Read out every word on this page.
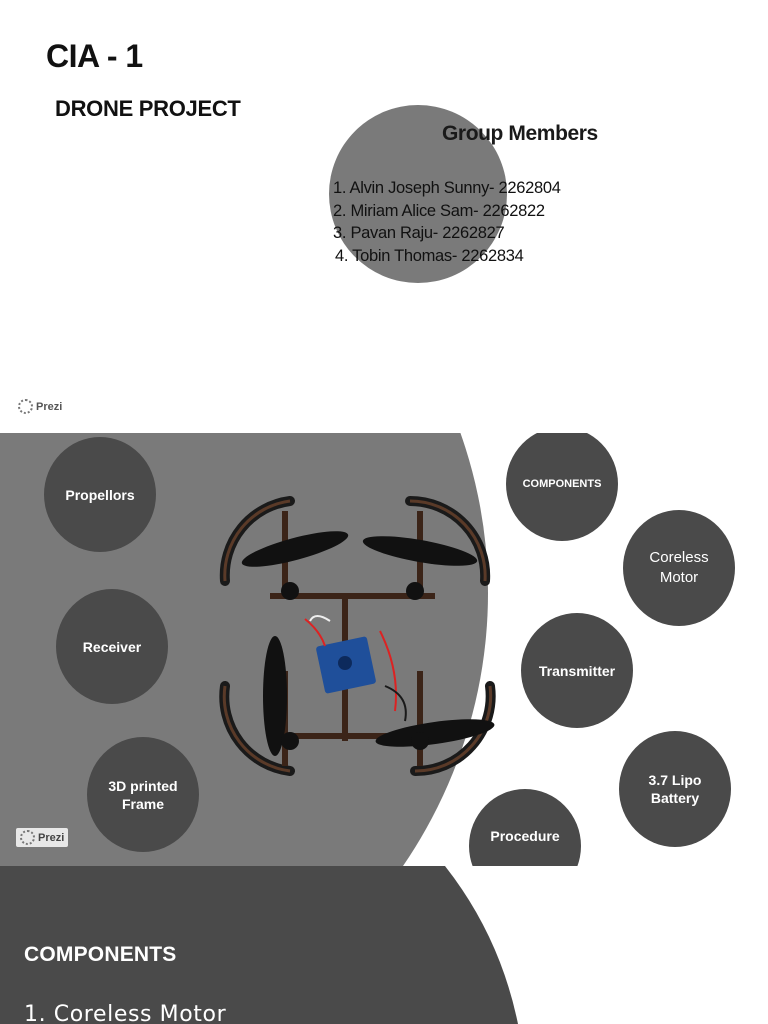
CIA - 1
DRONE PROJECT
Group Members
1. Alvin Joseph Sunny- 2262804
2. Miriam Alice Sam- 2262822
3. Pavan Raju- 2262827
4. Tobin Thomas- 2262834
Prezi
Propellors
Receiver
3D printed
Frame
COMPONENTS
Coreless
Motor
Transmitter
3.7 Lipo
Battery
Procedure
Prezi
COMPONENTS
1. Coreless Motor
